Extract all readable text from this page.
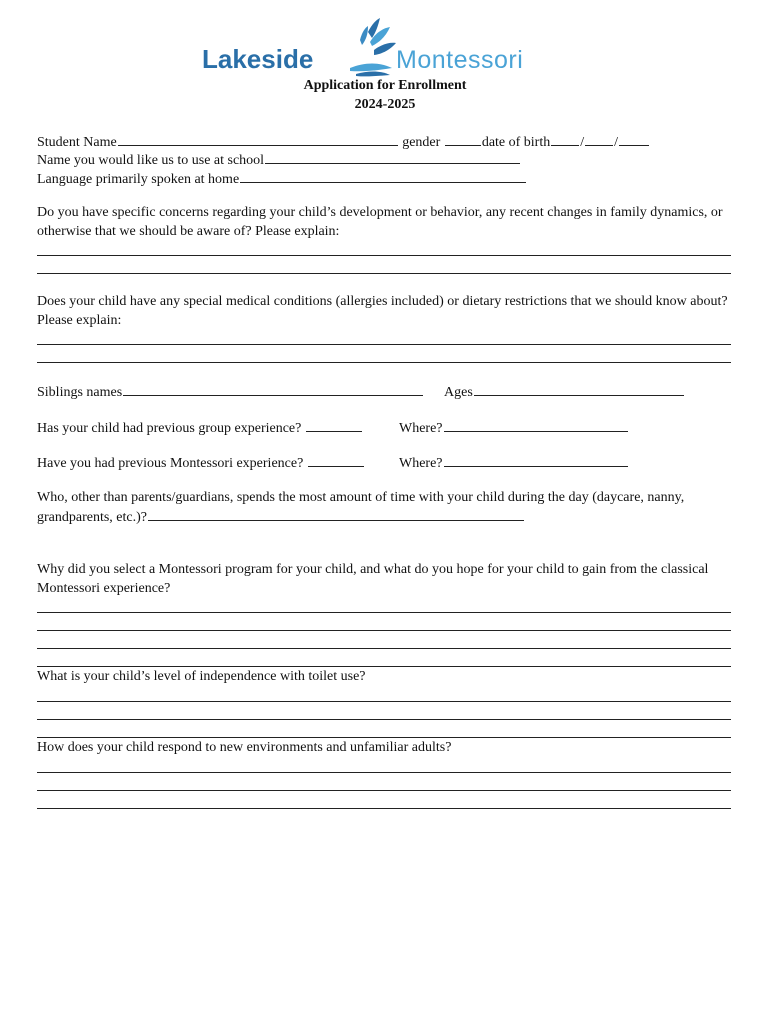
Lakeside	Montessori
Application for Enrollment
2024-2025
Student Name	gender	date of birth / /
Name you would like us to use at school
Language primarily spoken at home
Do you have specific concerns regarding your child’s development or behavior, any recent changes in family dynamics, or otherwise that we should be aware of? Please explain:
Does your child have any special medical conditions (allergies included) or dietary restrictions that we should know about? Please explain:
Siblings names	Ages
Has your child had previous group experience?	Where?
Have you had previous Montessori experience?	Where?
Who, other than parents/guardians, spends the most amount of time with your child during the day (daycare, nanny, grandparents, etc.)?
Why did you select a Montessori program for your child, and what do you hope for your child to gain from the classical Montessori experience?
What is your child’s level of independence with toilet use?
How does your child respond to new environments and unfamiliar adults?
